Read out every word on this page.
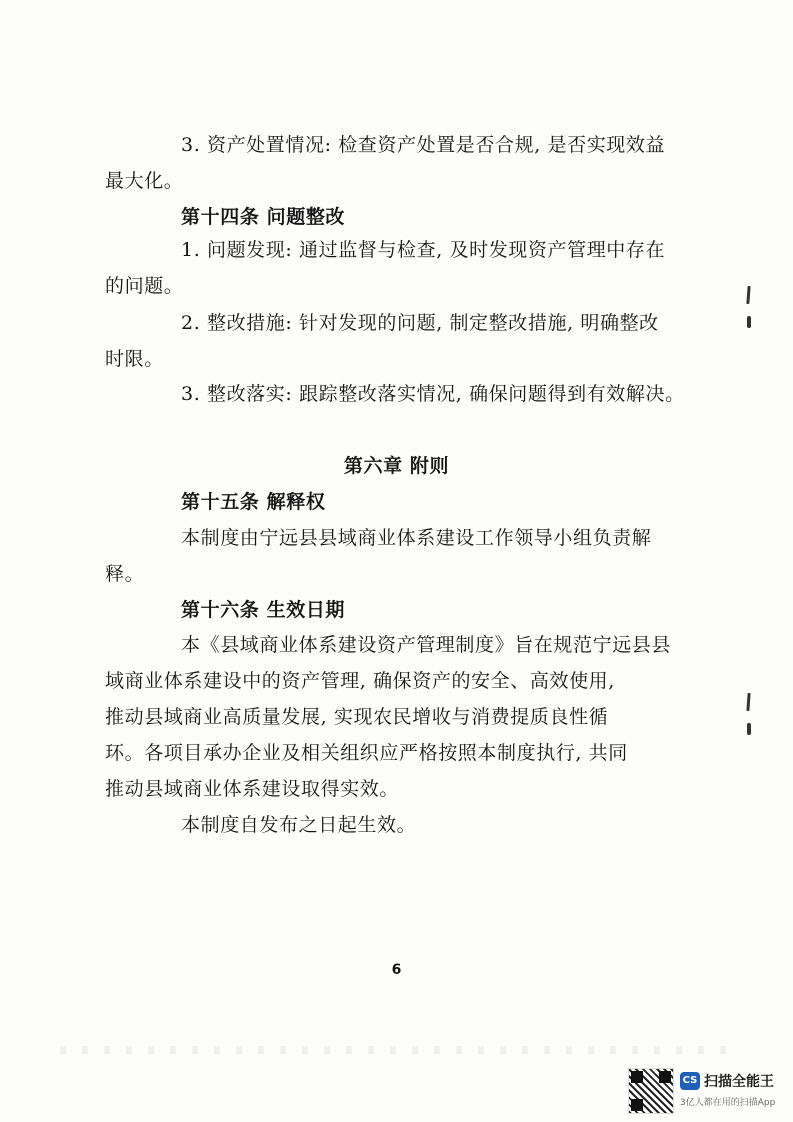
3. 资产处置情况: 检查资产处置是否合规, 是否实现效益
最大化。
第十四条 问题整改
1. 问题发现: 通过监督与检查, 及时发现资产管理中存在
的问题。
2. 整改措施: 针对发现的问题, 制定整改措施, 明确整改
时限。
3. 整改落实: 跟踪整改落实情况, 确保问题得到有效解决。
第六章 附则
第十五条 解释权
本制度由宁远县县域商业体系建设工作领导小组负责解
释。
第十六条 生效日期
本《县域商业体系建设资产管理制度》旨在规范宁远县县
域商业体系建设中的资产管理, 确保资产的安全、高效使用,
推动县域商业高质量发展, 实现农民增收与消费提质良性循
环。各项目承办企业及相关组织应严格按照本制度执行, 共同
推动县域商业体系建设取得实效。
本制度自发布之日起生效。
6
CS 扫描全能王
3亿人都在用的扫描App
